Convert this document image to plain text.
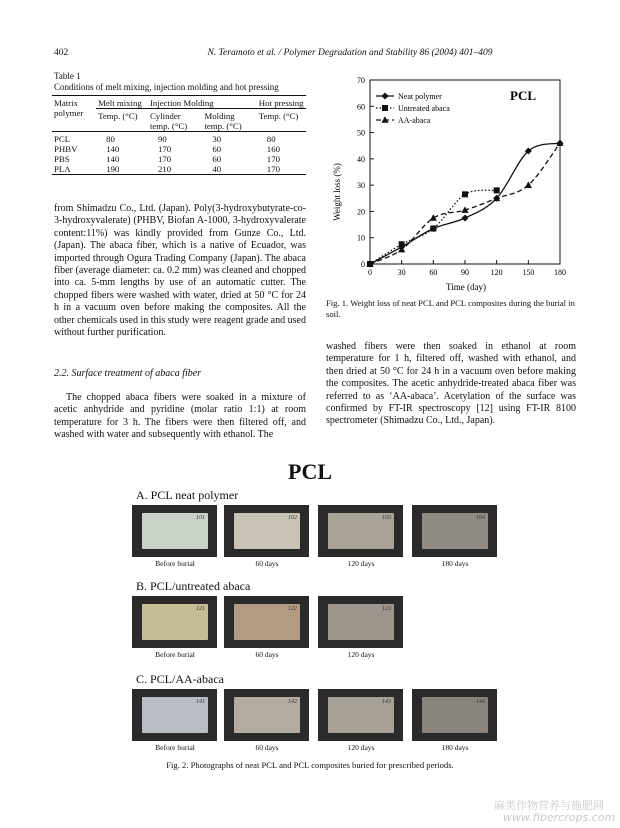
402	N. Teramoto et al. / Polymer Degradation and Stability 86 (2004) 401–409
Table 1
Conditions of melt mixing, injection molding and hot pressing
Matrix polymer	Melt mixing	Injection Molding		Hot pressing
	Temp. (°C)	Cylinder temp. (°C)	Molding temp. (°C)	Temp. (°C)
PCL	80	90	30	80
PHBV	140	170	60	160
PBS	140	170	60	170
PLA	190	210	40	170
0	30	60	90	120 150 180
0
10
20
30
40
50
60
70
Neat polymer
Untreated abaca
AA-abaca
PCL
Time (day)
Weight loss (%)
Fig. 1. Weight loss of neat PCL and PCL composites during the burial in soil.

from Shimadzu Co., Ltd. (Japan). Poly(3-hydroxybutyrate-co-3-hydroxyvalerate) (PHBV, Biofan A-1000, 3-hydroxyvalerate content:11%) was kindly provided from Gunze Co., Ltd. (Japan). The abaca fiber, which is a native of Ecuador, was imported through Ogura Trading Company (Japan). The abaca fiber (average diameter: ca. 0.2 mm) was cleaned and chopped into ca. 5-mm lengths by use of an automatic cutter. The chopped fibers were washed with water, dried at 50 °C for 24 h in a vacuum oven before making the composites. All the other chemicals used in this study were reagent grade and used without further purification.

2.2. Surface treatment of abaca fiber

The chopped abaca fibers were soaked in a mixture of acetic anhydride and pyridine (molar ratio 1:1) at room temperature for 3 h. The fibers were then filtered off, and washed with water and subsequently with ethanol. The

washed fibers were then soaked in ethanol at room temperature for 1 h, filtered off, washed with ethanol, and then dried at 50 °C for 24 h in a vacuum oven before making the composites. The acetic anhydride-treated abaca fiber was referred to as ‘AA-abaca’. Acetylation of the surface was confirmed by FT-IR spectroscopy [12] using FT-IR 8100 spectrometer (Shimadzu Co., Ltd., Japan).

PCL
A. PCL neat polymer
101
Before burial
102
60 days
103
120 days
104
180 days
B. PCL/untreated abaca
121
Before burial
122
60 days
123
120 days
C. PCL/AA-abaca
141
Before burial
142
60 days
143
120 days
144
180 days
Fig. 2. Photographs of neat PCL and PCL composites buried for prescribed periods.
麻类作物营养与施肥网
www.fibercrops.com
